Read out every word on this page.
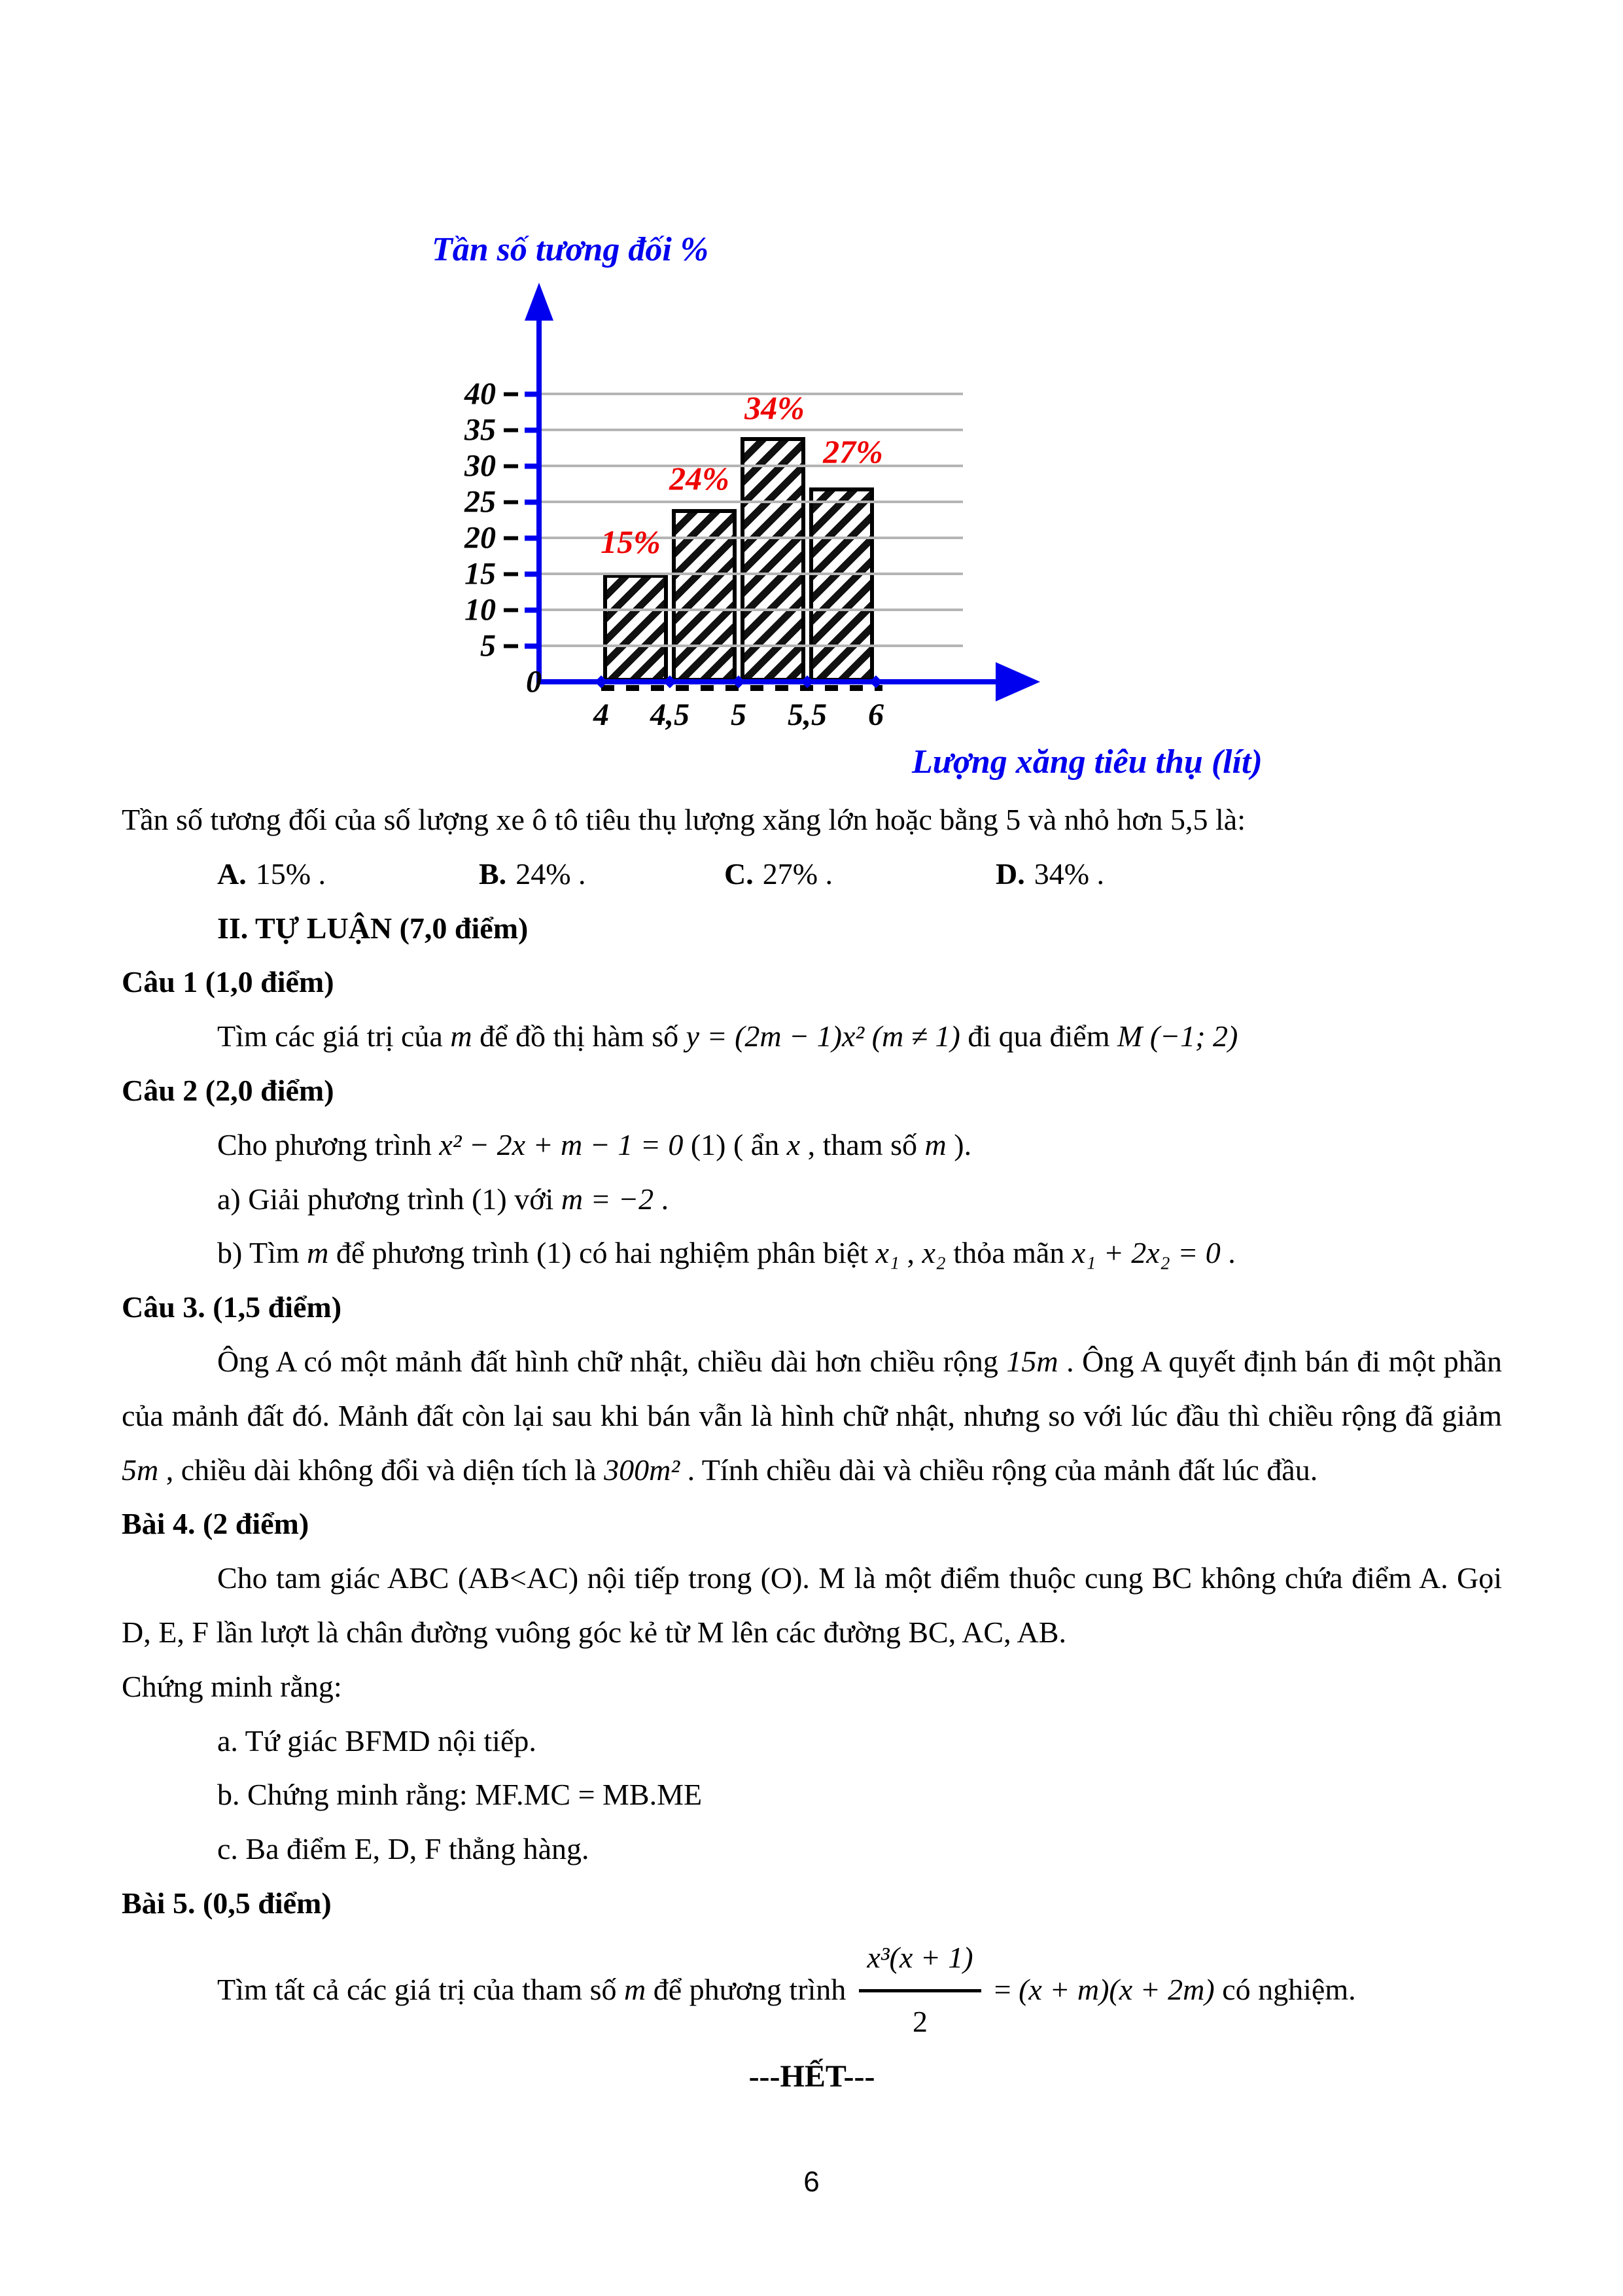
Tần số tương đối %
40
35
30
25
20
15
10
5
0
15%
24%
34%
27%
4	4,5	5	5,5	6
Lượng xăng tiêu thụ (lít)

Tần số tương đối của số lượng xe ô tô tiêu thụ lượng xăng lớn hoặc bằng 5 và nhỏ hơn 5,5 là:

A. 15% .	B. 24% .	C. 27% .	D. 34% .

II. TỰ LUẬN (7,0 điểm)

Câu 1 (1,0 điểm)

Tìm các giá trị của m để đồ thị hàm số y = (2m − 1)x² (m ≠ 1) đi qua điểm M (−1; 2)

Câu 2 (2,0 điểm)

Cho phương trình x² − 2x + m − 1 = 0 (1) ( ẩn x , tham số m ).

a) Giải phương trình (1) với m = −2 .

b) Tìm m để phương trình (1) có hai nghiệm phân biệt x₁ , x₂ thỏa mãn x₁ + 2x₂ = 0 .

Câu 3. (1,5 điểm)

Ông A có một mảnh đất hình chữ nhật, chiều dài hơn chiều rộng 15m . Ông A quyết định bán đi một phần của mảnh đất đó. Mảnh đất còn lại sau khi bán vẫn là hình chữ nhật, nhưng so với lúc đầu thì chiều rộng đã giảm 5m , chiều dài không đổi và diện tích là 300m² . Tính chiều dài và chiều rộng của mảnh đất lúc đầu.

Bài 4. (2 điểm)

Cho tam giác ABC (AB<AC) nội tiếp trong (O). M là một điểm thuộc cung BC không chứa điểm A. Gọi D, E, F lần lượt là chân đường vuông góc kẻ từ M lên các đường BC, AC, AB.

Chứng minh rằng:

a. Tứ giác BFMD nội tiếp.

b. Chứng minh rằng: MF.MC = MB.ME

c. Ba điểm E, D, F thẳng hàng.

Bài 5. (0,5 điểm)

Tìm tất cả các giá trị của tham số m để phương trình $\frac{\text{x³(x + 1)}}{2} = (x + m)(x + 2m)$ có nghiệm.

---HẾT---

6
